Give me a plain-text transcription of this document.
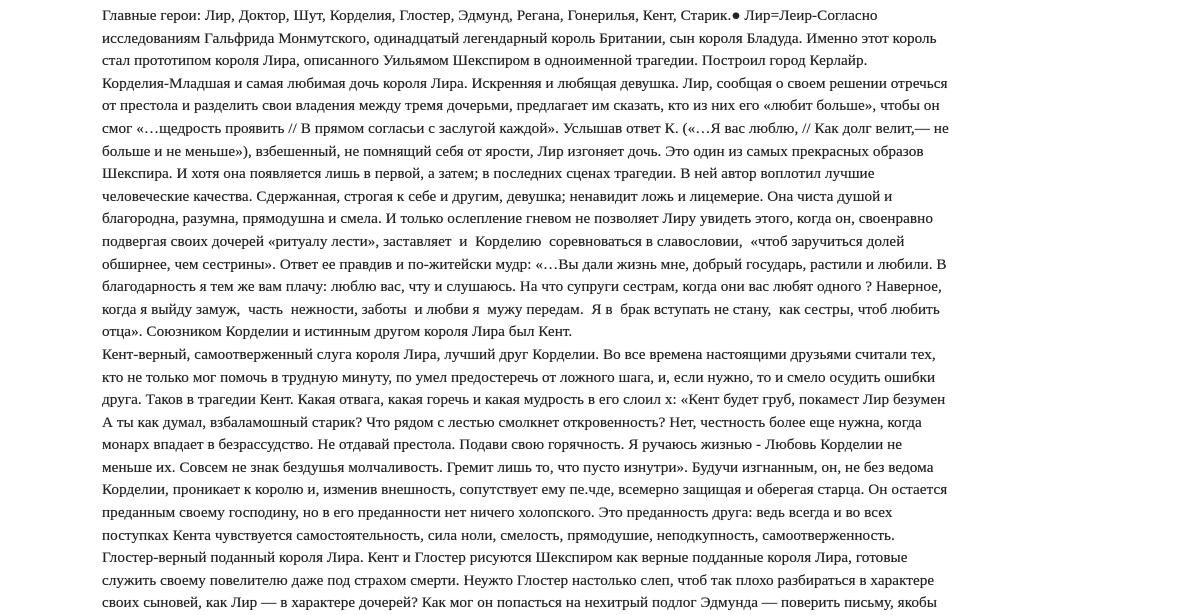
Главные герои: Лир, Доктор, Шут, Корделия, Глостер, Эдмунд, Регана, Гонерилья, Кент, Старик.● Лир=Леир-Согласно
исследованиям Гальфрида Монмутского, одинадцатый легендарный король Британии, сын короля Бладуда. Именно этот король
стал прототипом короля Лира, описанного Уильямом Шекспиром в одноименной трагедии. Построил город Керлайр.
Корделия-Младшая и самая любимая дочь короля Лира. Искренняя и любящая девушка. Лир, сообщая о своем решении отречься
от престола и разделить свои владения между тремя дочерьми, предлагает им сказать, кто из них его «любит больше», чтобы он
смог «…щедрость проявить // В прямом согласьи с заслугой каждой». Услышав ответ К. («…Я вас люблю, // Как долг велит,— не
больше и не меньше»), взбешенный, не помнящий себя от ярости, Лир изгоняет дочь. Это один из самых прекрасных образов
Шекспира. И хотя она появляется лишь в первой, а затем; в последних сценах трагедии. В ней автор воплотил лучшие
человеческие качества. Сдержанная, строгая к себе и другим, девушка; ненавидит ложь и лицемерие. Она чиста душой и
благородна, разумна, прямодушна и смела. И только ослепление гневом не позволяет Лиру увидеть этого, когда он, своенравно
подвергая своих дочерей «ритуалу лести», заставляет  и  Корделию  соревноваться в славословии,  «чтоб заручиться долей
обширнее, чем сестрины». Ответ ее правдив и по-житейски мудр: «…Вы дали жизнь мне, добрый государь, растили и любили. В
благодарность я тем же вам плачу: люблю вас, чту и слушаюсь. На что супруги сестрам, когда они вас любят одного ? Наверное,
когда я выйду замуж,  часть  нежности, заботы  и любви я  мужу передам.  Я в  брак вступать не стану,  как сестры, чтоб любить
отца». Союзником Корделии и истинным другом короля Лира был Кент.
Кент-верный, самоотверженный слуга короля Лира, лучший друг Корделии. Во все времена настоящими друзьями считали тех,
кто не только мог помочь в трудную минуту, по умел предостеречь от ложного шага, и, если нужно, то и смело осудить ошибки
друга. Таков в трагедии Кент. Какая отвага, какая горечь и какая мудрость в его слоил х: «Кент будет груб, покамест Лир безумен
А ты как думал, взбаламошный старик? Что рядом с лестью смолкнет откровенность? Нет, честность более еще нужна, когда
монарх впадает в безрассудство. Не отдавай престола. Подави свою горячность. Я ручаюсь жизнью - Любовь Корделии не
меньше их. Совсем не знак бездушья молчаливость. Гремит лишь то, что пусто изнутри». Будучи изгнанным, он, не без ведома
Корделии, проникает к королю и, изменив внешность, сопутствует ему пе.чде, всемерно защищая и оберегая старца. Он остается
преданным своему господину, но в его преданности нет ничего холопского. Это преданность друга: ведь всегда и во всех
поступках Кента чувствуется самостоятельность, сила ноли, смелость, прямодушие, неподкупность, самоотверженность.
Глостер-верный поданный короля Лира. Кент и Глостер рисуются Шекспиром как верные подданные короля Лира, готовые
служить своему повелителю даже под страхом смерти. Неужто Глостер настолько слеп, чтоб так плохо разбираться в характере
своих сыновей, как Лир — в характере дочерей? Как мог он попасться на нехитрый подлог Эдмунда — поверить письму, якобы
